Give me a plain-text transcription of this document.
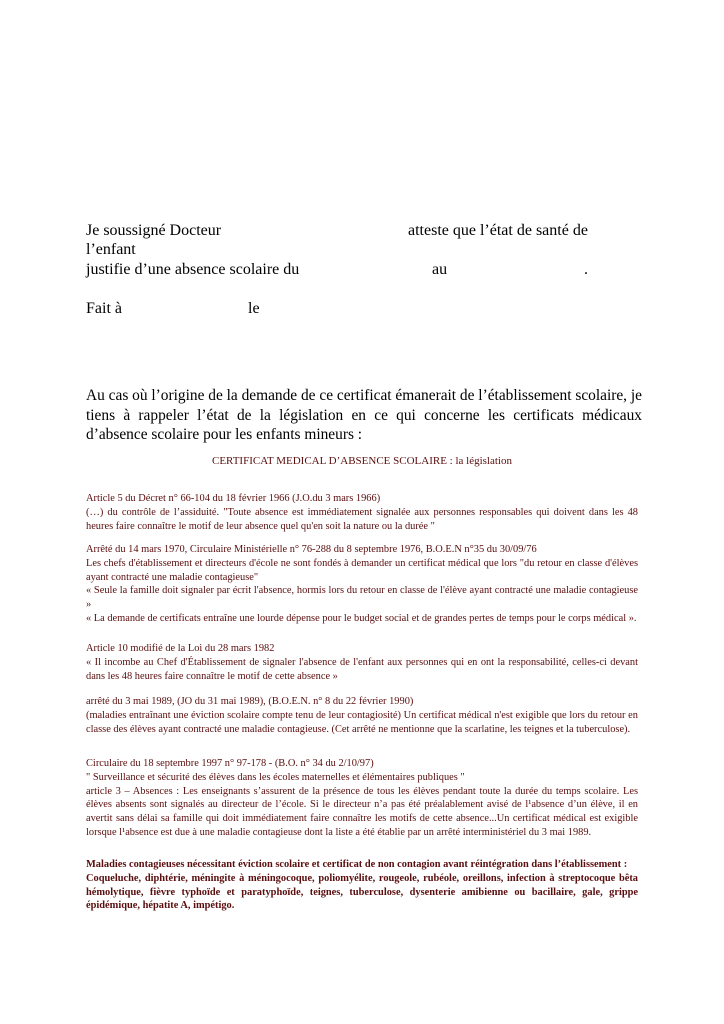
Je soussigné Docteur	atteste que l’état de santé de
l’enfant
justifie d’une absence scolaire du	au	.
Fait à	le
Au cas où l’origine de la demande de ce certificat émanerait de l’établissement scolaire, je tiens à rappeler l’état de la législation en ce qui concerne les certificats médicaux d’absence scolaire pour les enfants mineurs :
CERTIFICAT MEDICAL D’ABSENCE SCOLAIRE : la législation
Article 5 du Décret n° 66-104 du 18 février 1966 (J.O.du 3 mars 1966)
(…) du contrôle de l’assiduité. "Toute absence est immédiatement signalée aux personnes responsables qui doivent dans les 48 heures faire connaître le motif de leur absence quel qu'en soit la nature ou la durée "
Arrêté du 14 mars 1970, Circulaire Ministérielle n° 76-288 du 8 septembre 1976, B.O.E.N n°35 du 30/09/76
Les chefs d'établissement et directeurs d'école ne sont fondés à demander un certificat médical que lors "du retour en classe d'élèves ayant contracté une maladie contagieuse"
« Seule la famille doit signaler par écrit l'absence, hormis lors du retour en classe de l'élève ayant contracté une maladie contagieuse »
« La demande de certificats entraîne une lourde dépense pour le budget social et de grandes pertes de temps pour le corps médical ».
Article 10 modifié de la Loi du 28 mars 1982
« Il incombe au Chef d'Établissement de signaler l'absence de l'enfant aux personnes qui en ont la responsabilité, celles-ci devant dans les 48 heures faire connaître le motif de cette absence »
arrêté du 3 mai 1989, (JO du 31 mai 1989), (B.O.E.N. n° 8 du 22 février 1990)
(maladies entraînant une éviction scolaire compte tenu de leur contagiosité) Un certificat médical n'est exigible que lors du retour en classe des élèves ayant contracté une maladie contagieuse. (Cet arrêté ne mentionne que la scarlatine, les teignes et la tuberculose).
Circulaire du 18 septembre 1997 n° 97-178 - (B.O. n° 34 du 2/10/97)
" Surveillance et sécurité des élèves dans les écoles maternelles et élémentaires publiques "
article 3 – Absences : Les enseignants s’assurent de la présence de tous les élèves pendant toute la durée du temps scolaire. Les élèves absents sont signalés au directeur de l’école. Si le directeur n’a pas été préalablement avisé de l¹absence d’un élève, il en avertit sans délai sa famille qui doit immédiatement faire connaître les motifs de cette absence...Un certificat médical est exigible lorsque l¹absence est due à une maladie contagieuse dont la liste a été établie par un arrêté interministériel du 3 mai 1989.
Maladies contagieuses nécessitant éviction scolaire et certificat de non contagion avant réintégration dans l’établissement :
Coqueluche, diphtérie, méningite à méningocoque, poliomyélite, rougeole, rubéole, oreillons, infection à streptocoque bêta hémolytique, fièvre typhoïde et paratyphoïde, teignes, tuberculose, dysenterie amibienne ou bacillaire, gale, grippe épidémique, hépatite A, impétigo.
